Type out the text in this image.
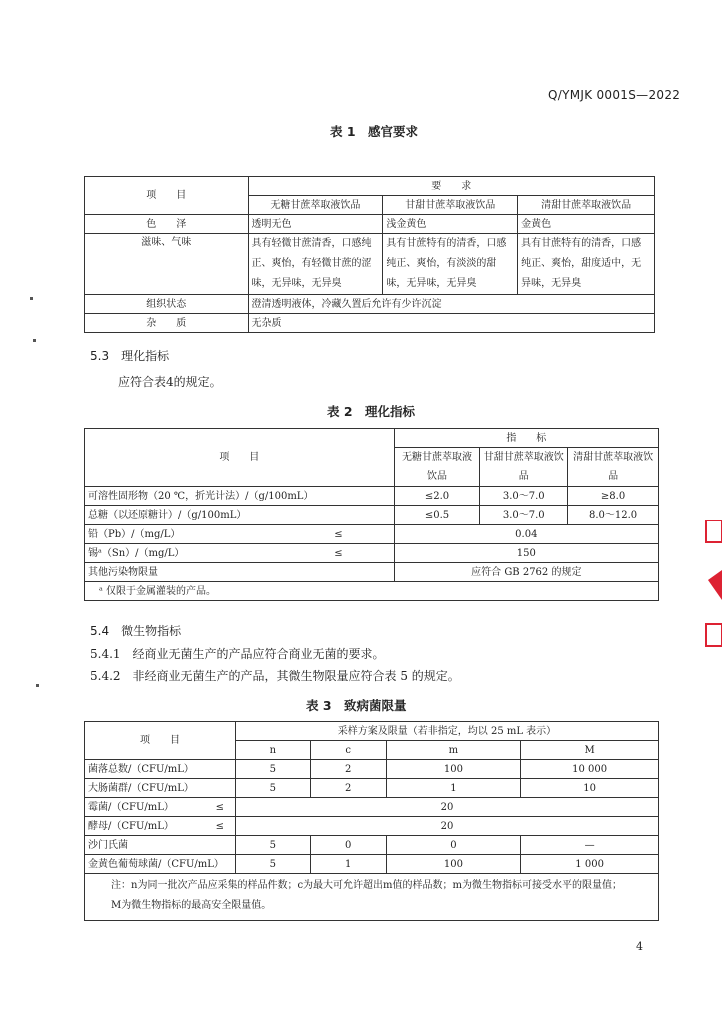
Q/YMJK 0001S—2022
表 1　感官要求
项　　目	要　　求		
	无糖甘蔗萃取液饮品	甘甜甘蔗萃取液饮品	清甜甘蔗萃取液饮品
色　　泽	透明无色	浅金黄色	金黄色
滋味、气味	具有轻微甘蔗清香，口感纯正、爽怡，有轻微甘蔗的涩味，无异味，无异臭	具有甘蔗特有的清香，口感纯正、爽怡，有淡淡的甜味，无异味，无异臭	具有甘蔗特有的清香，口感纯正、爽怡，甜度适中，无异味，无异臭
组织状态	澄清透明液体，冷藏久置后允许有少许沉淀		
杂　　质	无杂质		
5.3　理化指标
应符合表4的规定。
表 2　理化指标
项　　目	指　　标		
	无糖甘蔗萃取液饮品	甘甜甘蔗萃取液饮品	清甜甘蔗萃取液饮品
可溶性固形物（20 ℃，折光计法）/（g/100mL）	≤2.0	3.0～7.0	≥8.0
总糖（以还原糖计）/（g/100mL）	≤0.5	3.0～7.0	8.0～12.0
铅（Pb）/（mg/L） ≤	0.04		
锡ᵃ（Sn）/（mg/L） ≤	150		
其他污染物限量	应符合 GB 2762 的规定		
ᵃ 仅限于金属灌装的产品。			
5.4　微生物指标
5.4.1　经商业无菌生产的产品应符合商业无菌的要求。
5.4.2　非经商业无菌生产的产品，其微生物限量应符合表 5 的规定。
表 3　致病菌限量
项　　目	采样方案及限量（若非指定，均以 25 mL 表示）			
	n	c	m	M
菌落总数/（CFU/mL）	5	2	100	10 000
大肠菌群/（CFU/mL）	5	2	1	10
霉菌/（CFU/mL） ≤	20			
酵母/（CFU/mL） ≤	20			
沙门氏菌	5	0	0	—
金黄色葡萄球菌/（CFU/mL）	5	1	100	1 000

注：n为同一批次产品应采集的样品件数；c为最大可允许超出m值的样品数；m为微生物指标可接受水平的限量值；
M为微生物指标的最高安全限量值。				
4
